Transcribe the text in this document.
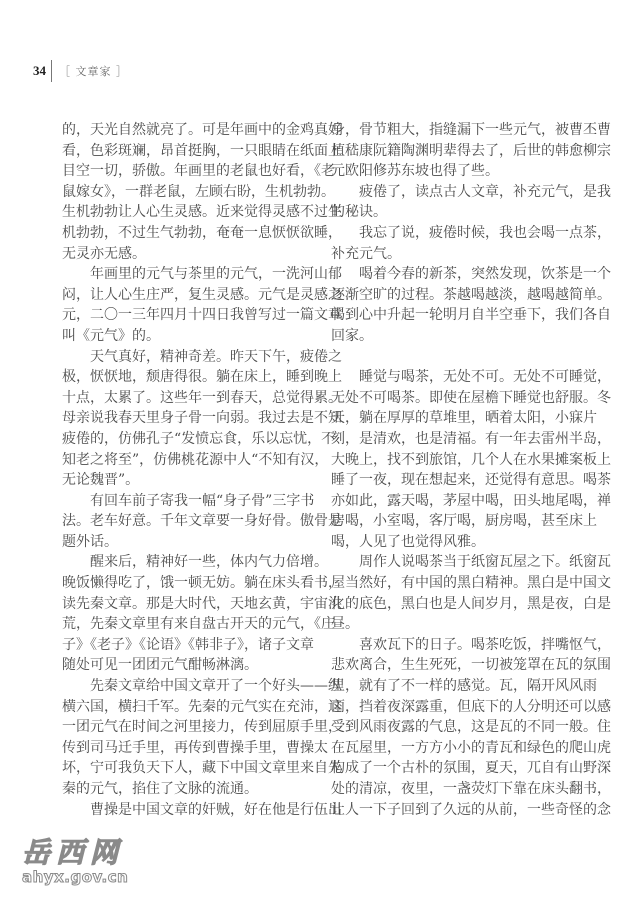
34 ［ 文章家 ］
的，天光自然就亮了。可是年画中的金鸡真好
看，色彩斑斓，昂首挺胸，一只眼睛在纸面上
目空一切，骄傲。年画里的老鼠也好看，《老
鼠嫁女》，一群老鼠，左顾右盼，生机勃勃。
生机勃勃让人心生灵感。近来觉得灵感不过生
机勃勃，不过生气勃勃，奄奄一息恹恹欲睡，
无灵亦无感。
年画里的元气与茶里的元气，一洗河山郁
闷，让人心生庄严，复生灵感。元气是灵感之
元，二〇一三年四月十四日我曾写过一篇文章
叫《元气》的。
天气真好，精神奇差。昨天下午，疲倦之
极，恹恹地，颓唐得很。躺在床上，睡到晚上
十点，太累了。这些年一到春天，总觉得累。
母亲说我春天里身子骨一向弱。我过去是不知
疲倦的，仿佛孔子“发愤忘食，乐以忘忧，不
知老之将至”，仿佛桃花源中人“不知有汉，
无论魏晋”。
有回车前子寄我一幅“身子骨”三字书
法。老车好意。千年文章要一身好骨。傲骨是
题外话。
醒来后，精神好一些，体内气力倍增。
晚饭懒得吃了，饿一顿无妨。躺在床头看书，
读先秦文章。那是大时代，天地玄黄，宇宙洪
荒，先秦文章里有来自盘古开天的元气，《庄
子》《老子》《论语》《韩非子》，诸子文章
随处可见一团团元气酣畅淋漓。
先秦文章给中国文章开了一个好头——纵
横六国，横扫千军。先秦的元气实在充沛，这
一团元气在时间之河里接力，传到屈原手里，
传到司马迁手里，再传到曹操手里，曹操太
坏，宁可我负天下人，藏下中国文章里来自先
秦的元气，掐住了文脉的流通。
曹操是中国文章的奸贼，好在他是行伍出
身，骨节粗大，指缝漏下一些元气，被曹丕曹
植嵇康阮籍陶渊明辈得去了，后世的韩愈柳宗
元欧阳修苏东坡也得了些。
疲倦了，读点古人文章，补充元气，是我
的秘诀。
我忘了说，疲倦时候，我也会喝一点茶，
补充元气。
喝着今春的新茶，突然发现，饮茶是一个
逐渐空旷的过程。茶越喝越淡，越喝越简单。
喝到心中升起一轮明月自半空垂下，我们各自
回家。
睡觉与喝茶，无处不可。无处不可睡觉，
无处不可喝茶。即使在屋檐下睡觉也舒服。冬
天，躺在厚厚的草堆里，晒着太阳，小寐片
刻，是清欢，也是清福。有一年去雷州半岛，
大晚上，找不到旅馆，几个人在水果摊案板上
睡了一夜，现在想起来，还觉得有意思。喝茶
亦如此，露天喝，茅屋中喝，田头地尾喝，禅
房喝，小室喝，客厅喝，厨房喝，甚至床上
喝，人见了也觉得风雅。
周作人说喝茶当于纸窗瓦屋之下。纸窗瓦
屋当然好，有中国的黑白精神。黑白是中国文
化的底色，黑白也是人间岁月，黑是夜，白是
昼。
喜欢瓦下的日子。喝茶吃饭，拌嘴怄气，
悲欢离合，生生死死，一切被笼罩在瓦的氛围
里，就有了不一样的感觉。瓦，隔开风风雨
雨，挡着夜深露重，但底下的人分明还可以感
受到风雨夜露的气息，这是瓦的不同一般。住
在瓦屋里，一方方小小的青瓦和绿色的爬山虎
构成了一个古朴的氛围，夏天，兀自有山野深
处的清凉，夜里，一盏荧灯下靠在床头翻书，
让人一下子回到了久远的从前，一些奇怪的念
岳西网
ahyx.gov.cn
